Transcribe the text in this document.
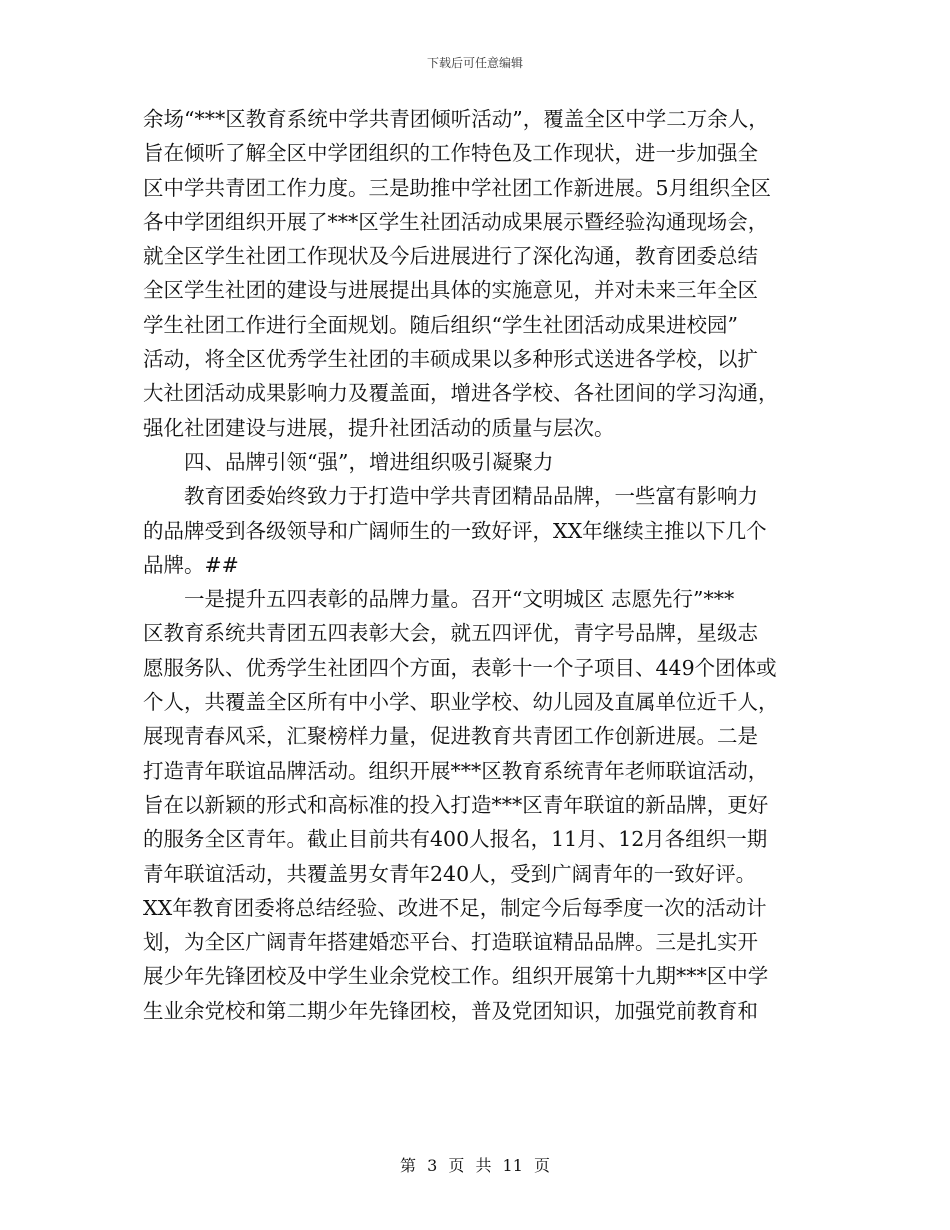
下载后可任意编辑
余场“***区教育系统中学共青团倾听活动”，覆盖全区中学二万余人，
旨在倾听了解全区中学团组织的工作特色及工作现状，进一步加强全
区中学共青团工作力度。三是助推中学社团工作新进展。5月组织全区
各中学团组织开展了***区学生社团活动成果展示暨经验沟通现场会，
就全区学生社团工作现状及今后进展进行了深化沟通，教育团委总结
全区学生社团的建设与进展提出具体的实施意见，并对未来三年全区
学生社团工作进行全面规划。随后组织“学生社团活动成果进校园”
活动，将全区优秀学生社团的丰硕成果以多种形式送进各学校，以扩
大社团活动成果影响力及覆盖面，增进各学校、各社团间的学习沟通，
强化社团建设与进展，提升社团活动的质量与层次。
四、品牌引领“强”，增进组织吸引凝聚力
教育团委始终致力于打造中学共青团精品品牌，一些富有影响力
的品牌受到各级领导和广阔师生的一致好评，XX年继续主推以下几个
品牌。##
一是提升五四表彰的品牌力量。召开“文明城区 志愿先行”***
区教育系统共青团五四表彰大会，就五四评优，青字号品牌，星级志
愿服务队、优秀学生社团四个方面，表彰十一个子项目、449个团体或
个人，共覆盖全区所有中小学、职业学校、幼儿园及直属单位近千人，
展现青春风采，汇聚榜样力量，促进教育共青团工作创新进展。二是
打造青年联谊品牌活动。组织开展***区教育系统青年老师联谊活动，
旨在以新颖的形式和高标准的投入打造***区青年联谊的新品牌，更好
的服务全区青年。截止目前共有400人报名，11月、12月各组织一期
青年联谊活动，共覆盖男女青年240人，受到广阔青年的一致好评。
XX年教育团委将总结经验、改进不足，制定今后每季度一次的活动计
划，为全区广阔青年搭建婚恋平台、打造联谊精品品牌。三是扎实开
展少年先锋团校及中学生业余党校工作。组织开展第十九期***区中学
生业余党校和第二期少年先锋团校，普及党团知识，加强党前教育和
第 3 页 共 11 页
